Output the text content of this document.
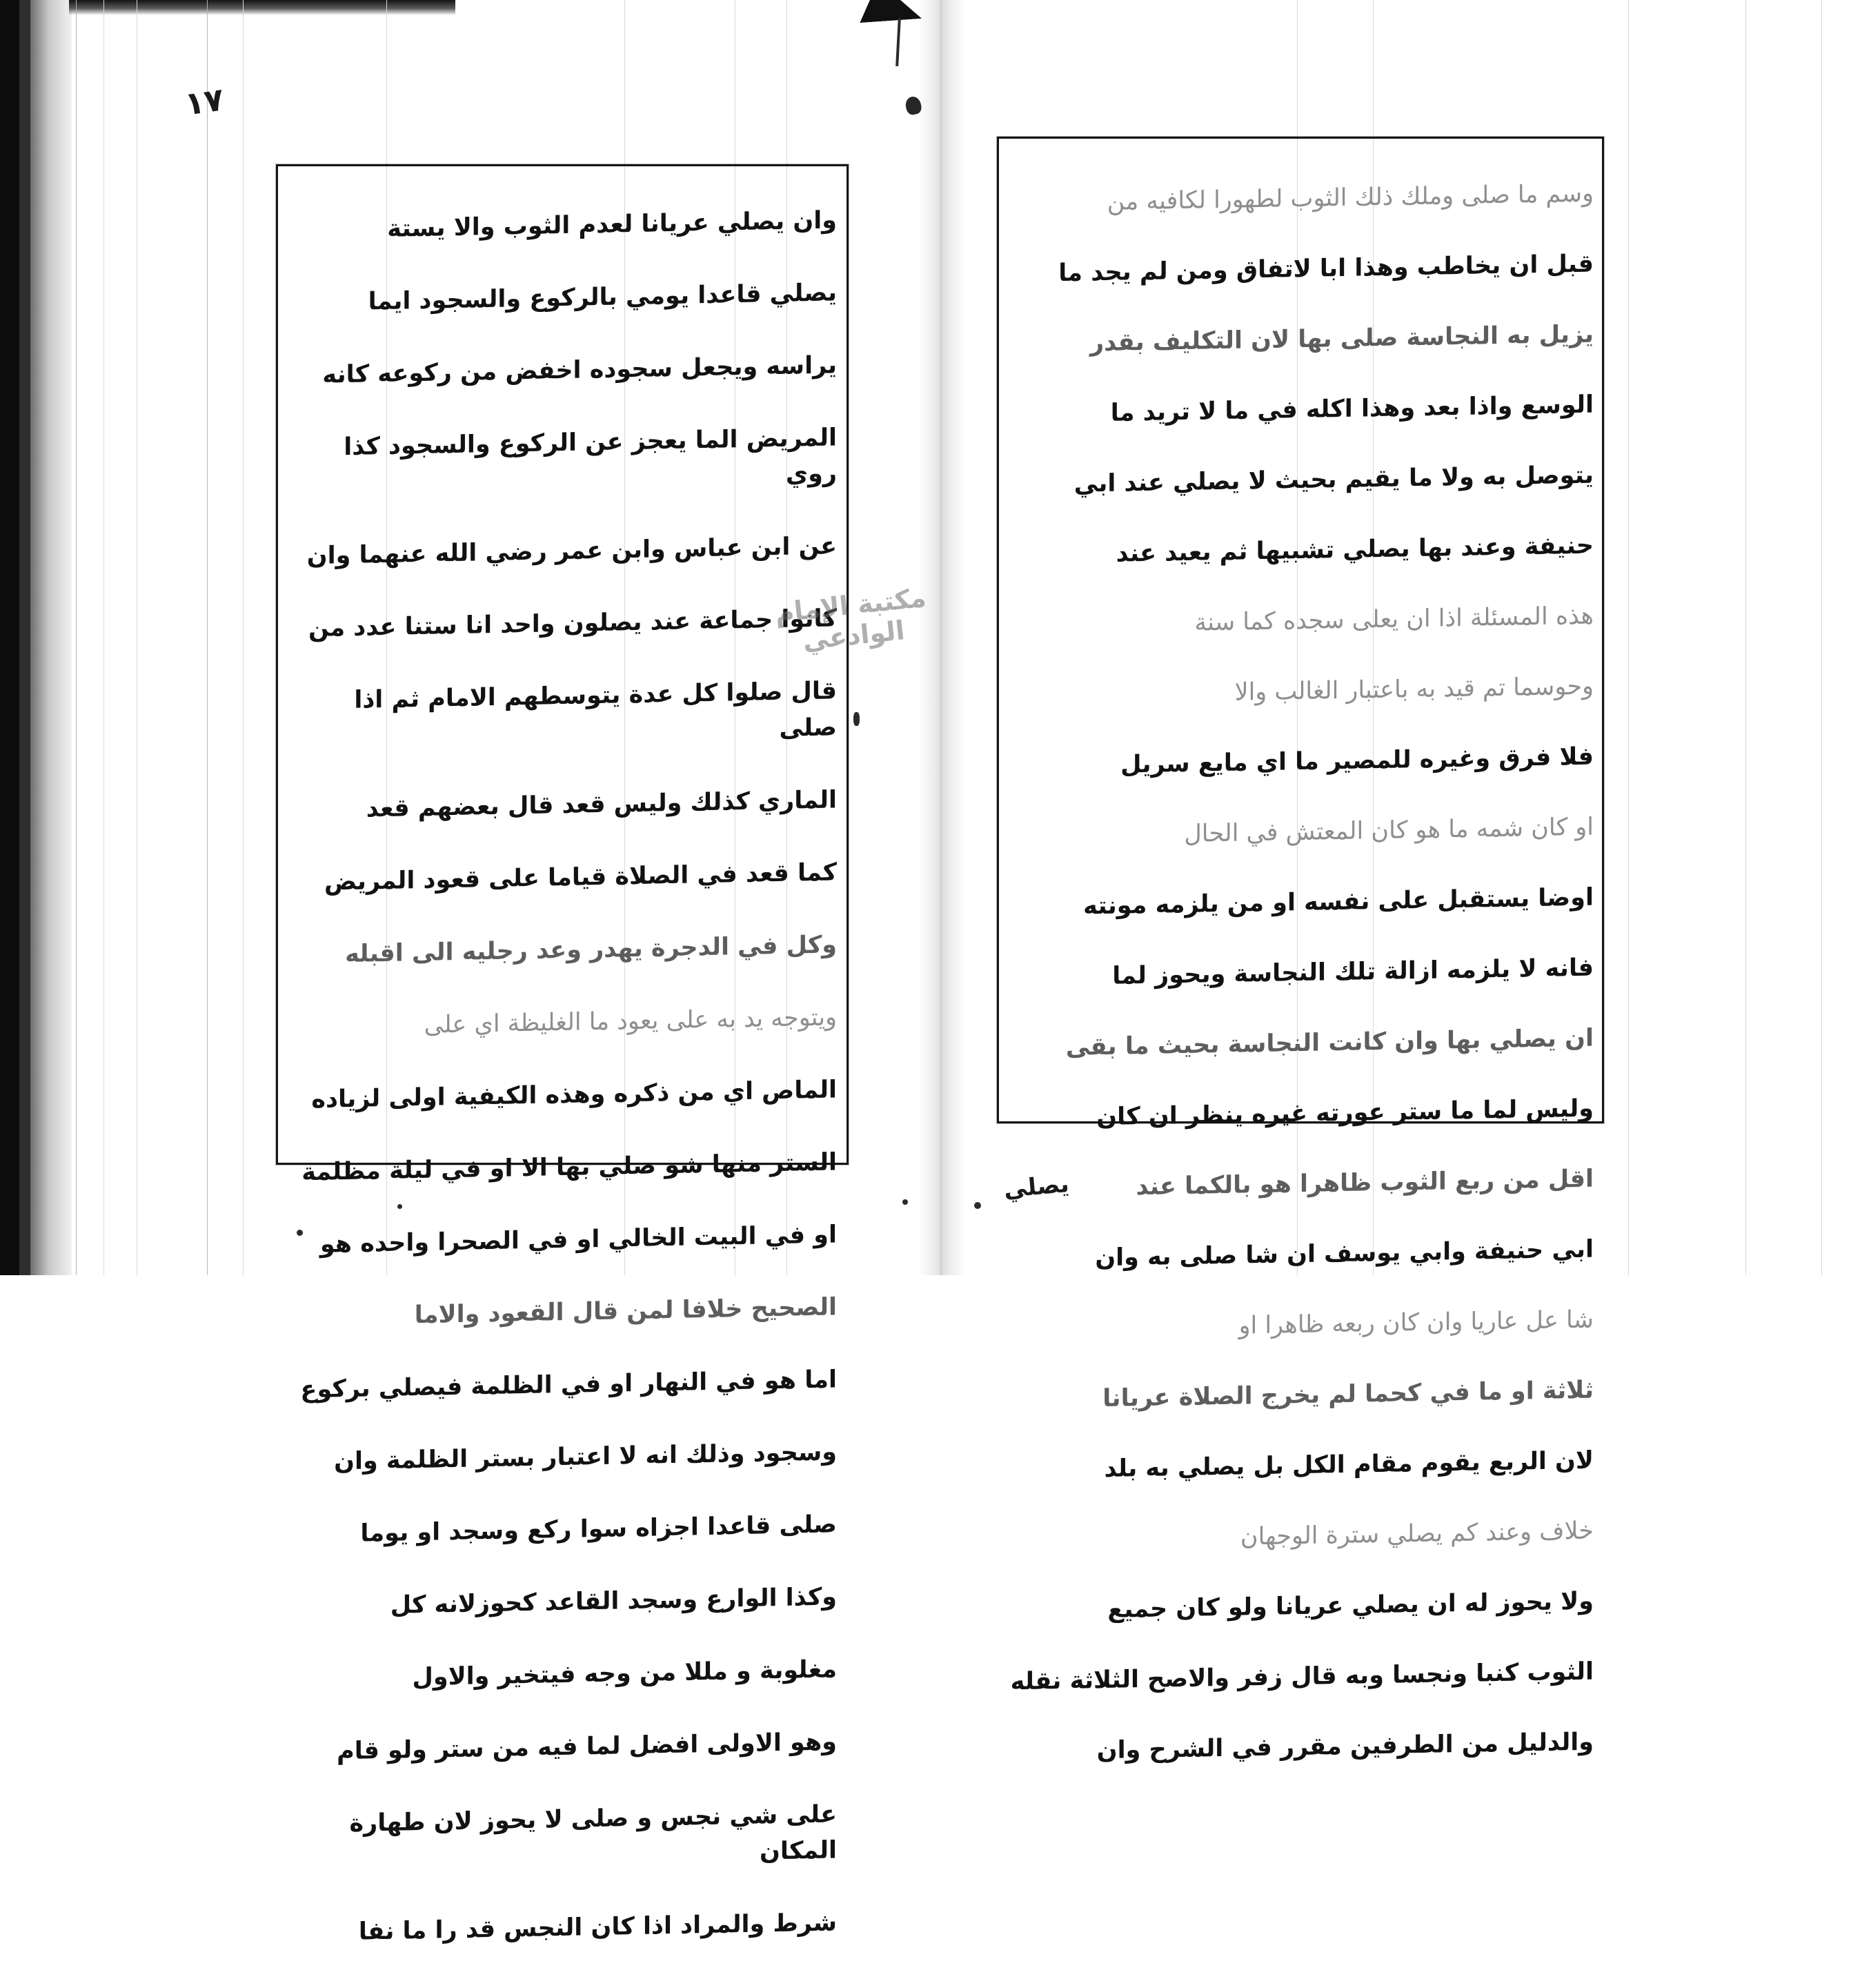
١٧

وان يصلي عريانا لعدم الثوب والا يستة

يصلي قاعدا يومي بالركوع والسجود ايما

يراسه ويجعل سجوده اخفض من ركوعه كانه

المريض الما يعجز عن الركوع والسجود كذا روي

عن ابن عباس وابن عمر رضي الله عنهما وان

كانوا جماعة عند يصلون واحد انا ستنا عدد من

قال صلوا كل عدة يتوسطهم الامام ثم اذا صلى

الماري كذلك وليس قعد قال بعضهم قعد

كما قعد في الصلاة قياما على قعود المريض

وكل في الدجرة يهدر وعد رجليه الى اقبله

ويتوجه يد به على يعود ما الغليظة اي على

الماص اي من ذكره وهذه الكيفية اولى لزياده

الستر منها شو صلي بها الا او في ليلة مظلمة

او في البيت الخالي او في الصحرا واحده هو

الصحيح خلافا لمن قال القعود والاما

اما هو في النهار او في الظلمة فيصلي بركوع

وسجود وذلك انه لا اعتبار بستر الظلمة وان

صلى قاعدا اجزاه سوا ركع وسجد او يوما

وكذا الوارع وسجد القاعد كحوزلانه كل

مغلوبة و مللا من وجه فيتخير والاول

وهو الاولى افضل لما فيه من ستر ولو قام

على شي نجس و صلى لا يحوز لان طهارة المكان

شرط والمراد اذا كان النجس قد را ما نفا

وسم ما صلى وملك ذلك الثوب لطهورا لكافيه من

قبل ان يخاطب وهذا ابا لاتفاق ومن لم يجد ما

يزيل به النجاسة صلى بها لان التكليف بقدر

الوسع واذا بعد وهذا اكله في ما لا تريد ما

يتوصل به ولا ما يقيم بحيث لا يصلي عند ابي

حنيفة وعند بها يصلي تشبيها ثم يعيد عند

هذه المسئلة اذا ان يعلى سجده كما سنة

وحوسما تم قيد به باعتبار الغالب والا

فلا فرق وغيره للمصير ما اي مايع سريل

او كان شمه ما هو كان المعتش في الحال

اوضا يستقبل على نفسه او من يلزمه مونته

فانه لا يلزمه ازالة تلك النجاسة ويحوز لما

ان يصلي بها وان كانت النجاسة بحيث ما بقى

وليس لما ما ستر عورته غيره ينظر ان كان

اقل من ربع الثوب ظاهرا هو بالكما عند

ابي حنيفة وابي يوسف ان شا صلى به وان

شا عل عاريا وان كان ربعه ظاهرا او

ثلاثة او ما في كحما لم يخرج الصلاة عريانا

لان الربع يقوم مقام الكل بل يصلي به بلد

خلاف وعند كم يصلي سترة الوجهان

ولا يحوز له ان يصلي عريانا ولو كان جميع

الثوب كنبا ونجسا وبه قال زفر والاصح الثلاثة نقله

والدليل من الطرفين مقرر في الشرح وان

يصلي
مكتبة الإمام الوادعي
